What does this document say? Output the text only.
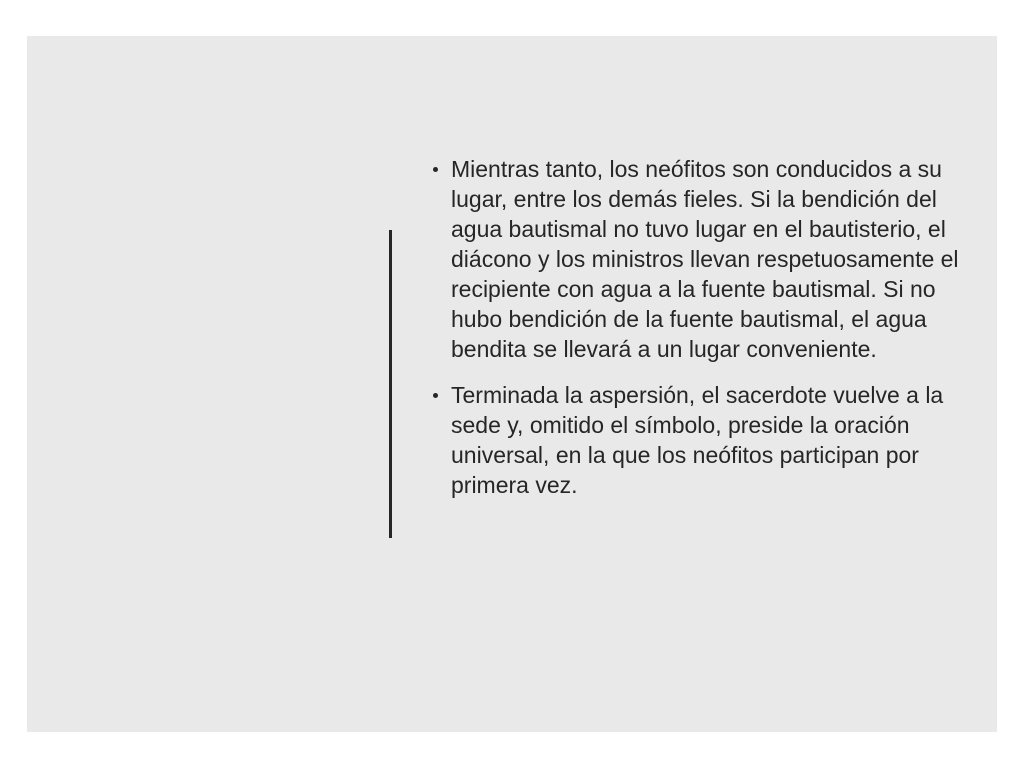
Mientras tanto, los neófitos son conducidos a su lugar, entre los demás fieles. Si la bendición del agua bautismal no tuvo lugar en el bautisterio, el diácono y los ministros llevan respetuosamente el recipiente con agua a la fuente bautismal. Si no hubo bendición de la fuente bautismal, el agua bendita se llevará a un lugar conveniente.
Terminada la aspersión, el sacerdote vuelve a la sede y, omitido el símbolo, preside la oración universal, en la que los neófitos participan por primera vez.
